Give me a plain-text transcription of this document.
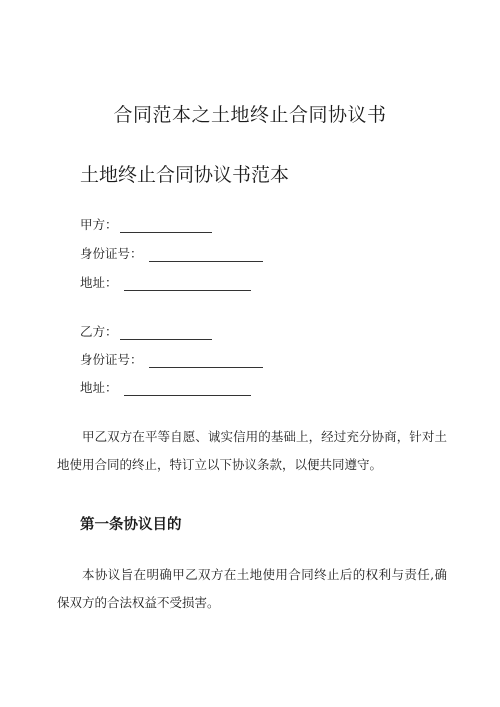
合同范本之土地终止合同协议书
土地终止合同协议书范本
甲方：
身份证号：
地址：
乙方：
身份证号：
地址：

甲乙双方在平等自愿、诚实信用的基础上，经过充分协商，针对土地使用合同的终止，特订立以下协议条款，以便共同遵守。

第一条协议目的

本协议旨在明确甲乙双方在土地使用合同终止后的权利与责任,确保双方的合法权益不受损害。
